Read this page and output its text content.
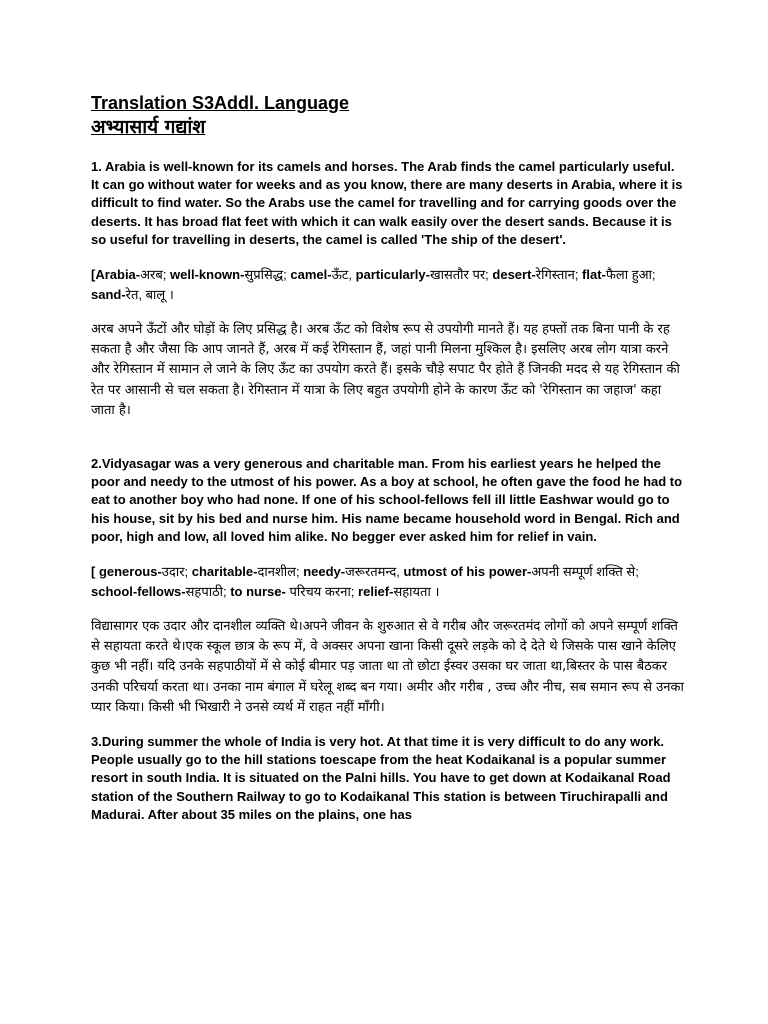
Translation S3Addl. Language
अभ्यासार्य गद्यांश

1. Arabia is well-known for its camels and horses. The Arab finds the camel particularly useful. It can go without water for weeks and as you know, there are many deserts in Arabia, where it is difficult to find water. So the Arabs use the camel for travelling and for carrying goods over the deserts. It has broad flat feet with which it can walk easily over the desert sands. Because it is so useful for travelling in deserts, the camel is called 'The ship of the desert'.

[Arabia-अरब; well-known-सुप्रसिद्ध; camel-ऊँट, particularly-खासतौर पर; desert-रेगिस्तान; flat-फैला हुआ; sand-रेत, बालू ।

अरब अपने ऊँटों और घोड़ों के लिए प्रसिद्ध है। अरब ऊँट को विशेष रूप से उपयोगी मानते हैं। यह हफ्तों तक बिना पानी के रह सकता है और जैसा कि आप जानते हैं, अरब में कई रेगिस्तान हैं, जहां पानी मिलना मुश्किल है। इसलिए अरब लोग यात्रा करने और रेगिस्तान में सामान ले जाने के लिए ऊँट का उपयोग करते हैं। इसके चौड़े सपाट पैर होते हैं जिनकी मदद से यह रेगिस्तान की रेत पर आसानी से चल सकता है। रेगिस्तान में यात्रा के लिए बहुत उपयोगी होने के कारण ऊँट को 'रेगिस्तान का जहाज' कहा जाता है।

2.Vidyasagar was a very generous and charitable man. From his earliest years he helped the poor and needy to the utmost of his power. As a boy at school, he often gave the food he had to eat to another boy who had none. If one of his school-fellows fell ill little Eashwar would go to his house, sit by his bed and nurse him. His name became household word in Bengal. Rich and poor, high and low, all loved him alike. No begger ever asked him for relief in vain.

[ generous-उदार; charitable-दानशील; needy-जरूरतमन्द, utmost of his power-अपनी सम्पूर्ण शक्ति से; school-fellows-सहपाठी; to nurse- परिचय करना; relief-सहायता ।

विद्यासागर एक उदार और दानशील व्यक्ति थे।अपने जीवन के शुरुआत से वे गरीब और जरूरतमंद लोगों को अपने सम्पूर्ण शक्ति से सहायता करते थे।एक स्कूल छात्र के रूप में, वे अक्सर अपना खाना किसी दूसरे लड़के को दे देते थे जिसके पास खाने केलिए कुछ भी नहीं। यदि उनके सहपाठीयों में से कोई बीमार पड़ जाता था तो छोटा ईस्वर उसका घर जाता था,बिस्तर के पास बैठकर उनकी परिचर्या करता था। उनका नाम बंगाल में घरेलू शब्द बन गया। अमीर और गरीब , उच्च और नीच, सब समान रूप से उनका प्यार किया। किसी भी भिखारी ने उनसे व्यर्थ में राहत नहीं माँगी।

3.During summer the whole of India is very hot. At that time it is very difficult to do any work. People usually go to the hill stations toescape from the heat Kodaikanal is a popular summer resort in south India. It is situated on the Palni hills. You have to get down at Kodaikanal Road station of the Southern Railway to go to Kodaikanal This station is between Tiruchirapalli and Madurai. After about 35 miles on the plains, one has
